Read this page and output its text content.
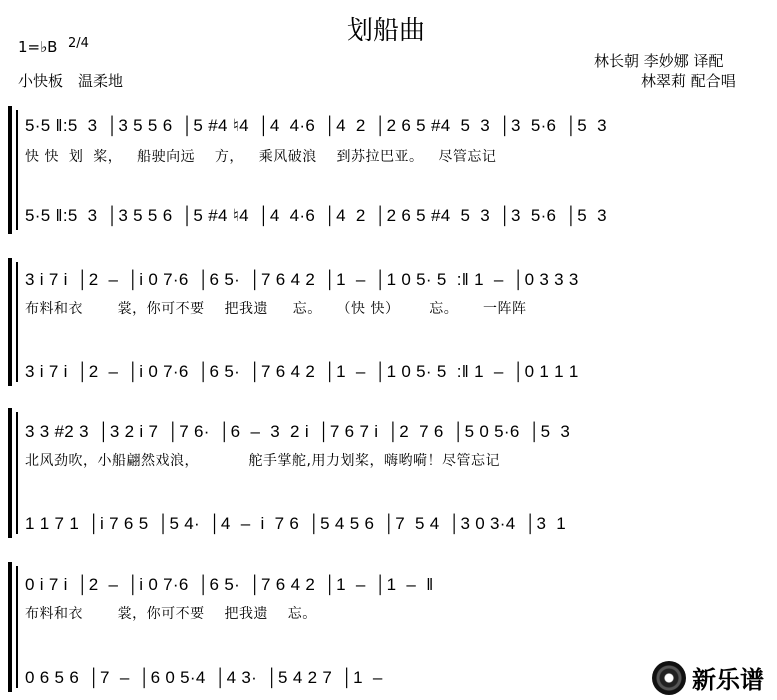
划船曲
1=♭B 2/4
小快板　温柔地
林长朝 李妙娜 译配
林翠莉 配合唱
5·5 ‖:5  3  │3 5 5 6  │5 #4 ♮4  │4  4·6  │4  2  │2 6 5 #4  5  3  │3  5·6  │5  3
快 快  划  桨，   船驶向远    方，   乘风破浪    到苏拉巴亚。   尽管忘记
5·5 ‖:5  3  │3 5 5 6  │5 #4 ♮4  │4  4·6  │4  2  │2 6 5 #4  5  3  │3  5·6  │5  3
3 i 7 i  │2  –  │i 0 7·6  │6 5·  │7 6 4 2  │1  –  │1 0 5· 5  :‖ 1  –  │0 3 3 3
布料和衣       裳，你可不要    把我遗     忘。   （快 快）      忘。     一阵阵
3 i 7 i  │2  –  │i 0 7·6  │6 5·  │7 6 4 2  │1  –  │1 0 5· 5  :‖ 1  –  │0 1 1 1
3 3 #2 3  │3 2 i 7  │7 6·  │6  –  3  2 i  │7 6 7 i  │2  7 6  │5 0 5·6  │5  3
北风劲吹，小船翩然戏浪，          舵手掌舵,用力划桨，嗨哟嗬！尽管忘记
1 1 7 1  │i 7 6 5  │5 4·  │4  –  i  7 6  │5 4 5 6  │7  5 4  │3 0 3·4  │3  1
0 i 7 i  │2  –  │i 0 7·6  │6 5·  │7 6 4 2  │1  –  │1  –  ‖
布料和衣       裳，你可不要    把我遗    忘。
0 6 5 6  │7  –  │6 0 5·4  │4 3·  │5 4 2 7  │1  –	新乐谱
